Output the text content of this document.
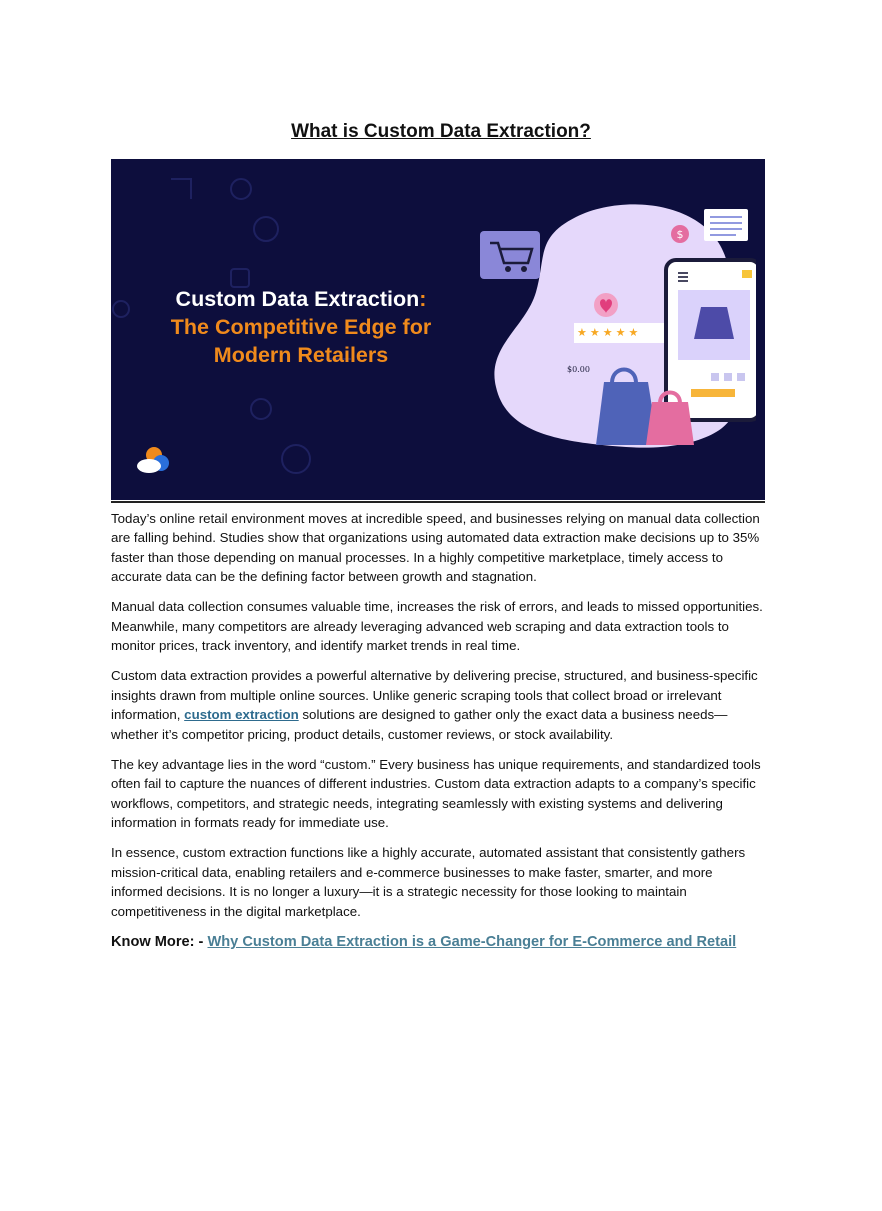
What is Custom Data Extraction?
Custom Data Extraction:
The Competitive Edge for
Modern Retailers
$
$0.00
★★★★★

Today’s online retail environment moves at incredible speed, and businesses relying on manual data collection are falling behind. Studies show that organizations using automated data extraction make decisions up to 35% faster than those depending on manual processes. In a highly competitive marketplace, timely access to accurate data can be the defining factor between growth and stagnation.

Manual data collection consumes valuable time, increases the risk of errors, and leads to missed opportunities. Meanwhile, many competitors are already leveraging advanced web scraping and data extraction tools to monitor prices, track inventory, and identify market trends in real time.

Custom data extraction provides a powerful alternative by delivering precise, structured, and business-specific insights drawn from multiple online sources. Unlike generic scraping tools that collect broad or irrelevant information, custom extraction solutions are designed to gather only the exact data a business needs—whether it’s competitor pricing, product details, customer reviews, or stock availability.

The key advantage lies in the word “custom.” Every business has unique requirements, and standardized tools often fail to capture the nuances of different industries. Custom data extraction adapts to a company’s specific workflows, competitors, and strategic needs, integrating seamlessly with existing systems and delivering information in formats ready for immediate use.

In essence, custom extraction functions like a highly accurate, automated assistant that consistently gathers mission-critical data, enabling retailers and e-commerce businesses to make faster, smarter, and more informed decisions. It is no longer a luxury—it is a strategic necessity for those looking to maintain competitiveness in the digital marketplace.

Know More: - Why Custom Data Extraction is a Game-Changer for E-Commerce and Retail
